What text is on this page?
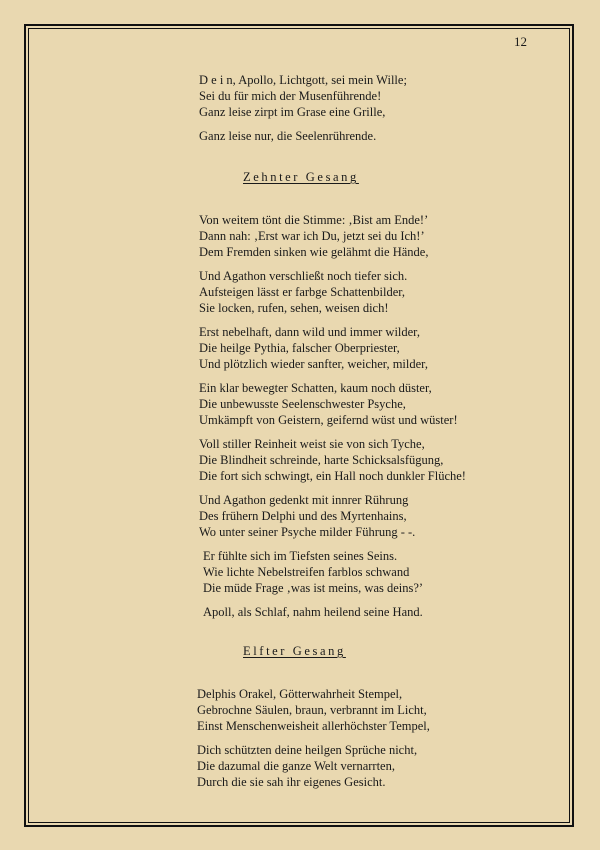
12
D e i n, Apollo, Lichtgott, sei mein Wille;
Sei du für mich der Musenführende!
Ganz leise zirpt im Grase eine Grille,
Ganz leise nur, die Seelenrührende.
Zehnter Gesang
Von weitem tönt die Stimme: ‚Bist am Ende!’
Dann nah: ‚Erst war ich Du, jetzt sei du Ich!’
Dem Fremden sinken wie gelähmt die Hände,
Und Agathon verschließt noch tiefer sich.
Aufsteigen lässt er farbge Schattenbilder,
Sie locken, rufen, sehen, weisen dich!
Erst nebelhaft, dann wild und immer wilder,
Die heilge Pythia, falscher Oberpriester,
Und plötzlich wieder sanfter, weicher, milder,
Ein klar bewegter Schatten, kaum noch düster,
Die unbewusste Seelenschwester Psyche,
Umkämpft von Geistern, geifernd wüst und wüster!
Voll stiller Reinheit weist sie von sich Tyche,
Die Blindheit schreinde, harte Schicksalsfügung,
Die fort sich schwingt, ein Hall noch dunkler Flüche!
Und Agathon gedenkt mit innrer Rührung
Des frühern Delphi und des Myrtenhains,
Wo unter seiner Psyche milder Führung - -.
Er fühlte sich im Tiefsten seines Seins.
Wie lichte Nebelstreifen farblos schwand
Die müde Frage ‚was ist meins, was deins?’
Apoll, als Schlaf, nahm heilend seine Hand.
Elfter Gesang
Delphis Orakel, Götterwahrheit Stempel,
Gebrochne Säulen, braun, verbrannt im Licht,
Einst Menschenweisheit allerhöchster Tempel,
Dich schützten deine heilgen Sprüche nicht,
Die dazumal die ganze Welt vernarrten,
Durch die sie sah ihr eigenes Gesicht.
